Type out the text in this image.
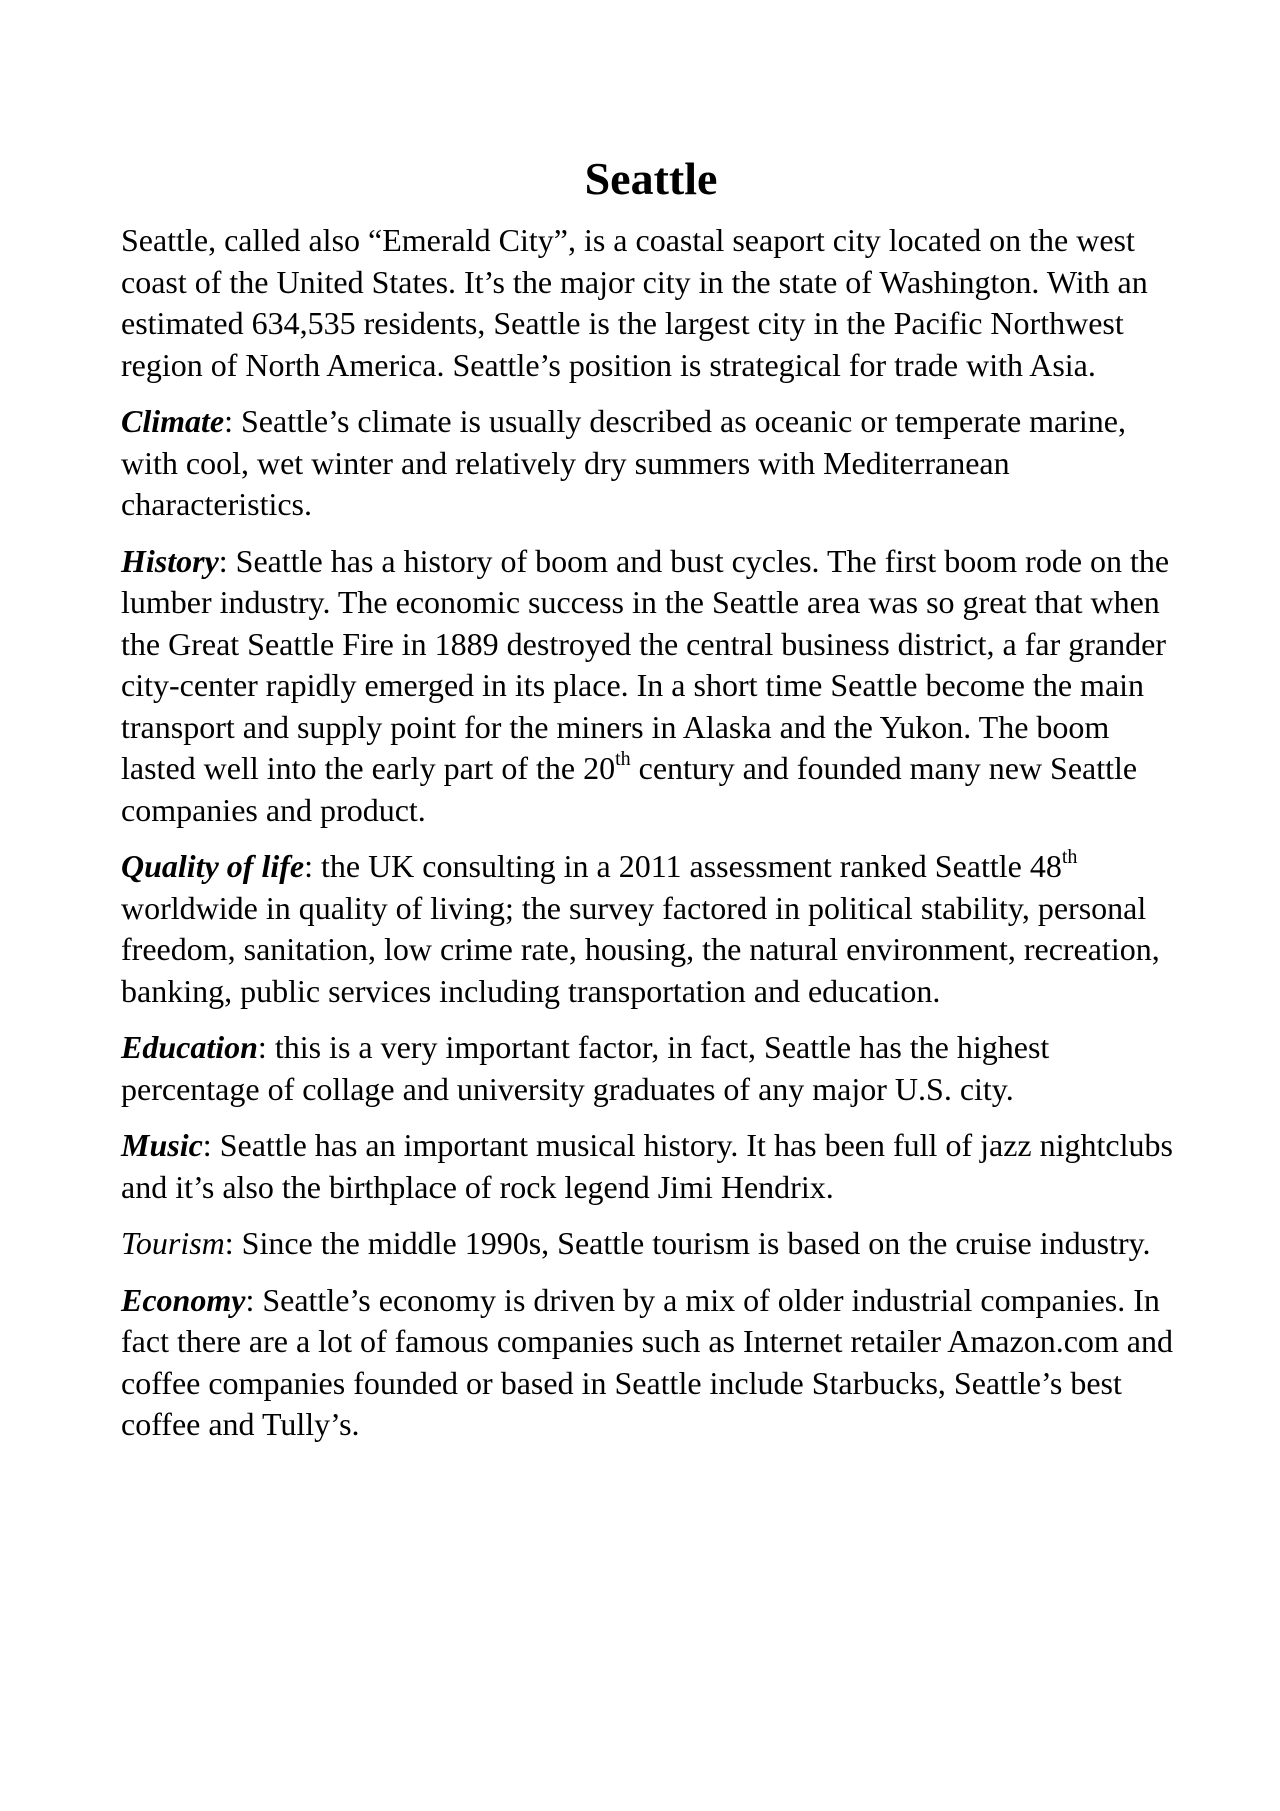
Seattle

Seattle, called also “Emerald City”, is a coastal seaport city located on the west coast of the United States. It’s the major city in the state of Washington. With an estimated 634,535 residents, Seattle is the largest city in the Pacific Northwest region of North America. Seattle’s position is strategical for trade with Asia.

Climate: Seattle’s climate is usually described as oceanic or temperate marine, with cool, wet winter and relatively dry summers with Mediterranean characteristics.

History: Seattle has a history of boom and bust cycles. The first boom rode on the lumber industry. The economic success in the Seattle area was so great that when the Great Seattle Fire in 1889 destroyed the central business district, a far grander city-center rapidly emerged in its place. In a short time Seattle become the main transport and supply point for the miners in Alaska and the Yukon. The boom lasted well into the early part of the 20th century and founded many new Seattle companies and product.

Quality of life: the UK consulting in a 2011 assessment ranked Seattle 48th worldwide in quality of living; the survey factored in political stability, personal freedom, sanitation, low crime rate, housing, the natural environment, recreation, banking, public services including transportation and education.

Education: this is a very important factor, in fact, Seattle has the highest percentage of collage and university graduates of any major U.S. city.

Music: Seattle has an important musical history. It has been full of jazz nightclubs and it’s also the birthplace of rock legend Jimi Hendrix.

Tourism: Since the middle 1990s, Seattle tourism is based on the cruise industry.

Economy: Seattle’s economy is driven by a mix of older industrial companies. In fact there are a lot of famous companies such as Internet retailer Amazon.com and coffee companies founded or based in Seattle include Starbucks, Seattle’s best coffee and Tully’s.
